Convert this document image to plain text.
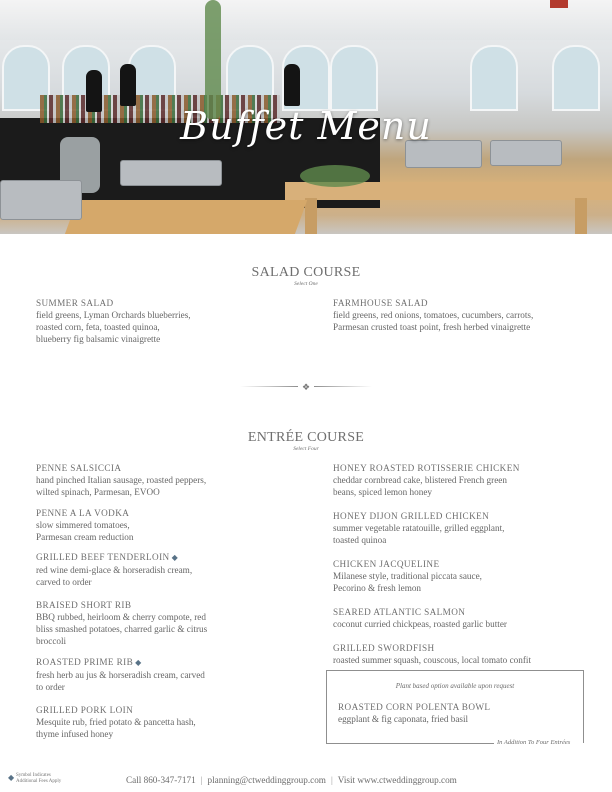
Buffet Menu
SALAD COURSE
Select One
SUMMER SALAD
field greens, Lyman Orchards blueberries,
roasted corn, feta, toasted quinoa,
blueberry fig balsamic vinaigrette
FARMHOUSE SALAD
field greens, red onions, tomatoes, cucumbers, carrots,
Parmesan crusted toast point, fresh herbed vinaigrette
❖
ENTRÉE COURSE
Select Four
PENNE SALSICCIA
hand pinched Italian sausage, roasted peppers,
wilted spinach, Parmesan, EVOO
PENNE A LA VODKA
slow simmered tomatoes,
Parmesan cream reduction
GRILLED BEEF TENDERLOIN ◆
red wine demi-glace & horseradish cream,
carved to order
BRAISED SHORT RIB
BBQ rubbed, heirloom & cherry compote, red
bliss smashed potatoes, charred garlic & citrus
broccoli
ROASTED PRIME RIB ◆
fresh herb au jus & horseradish cream, carved
to order
GRILLED PORK LOIN
Mesquite rub, fried potato & pancetta hash,
thyme infused honey
HONEY ROASTED ROTISSERIE CHICKEN
cheddar cornbread cake, blistered French green
beans, spiced lemon honey
HONEY DIJON GRILLED CHICKEN
summer vegetable ratatouille, grilled eggplant,
toasted quinoa
CHICKEN JACQUELINE
Milanese style, traditional piccata sauce,
Pecorino & fresh lemon
SEARED ATLANTIC SALMON
coconut curried chickpeas, roasted garlic butter
GRILLED SWORDFISH
roasted summer squash, couscous, local tomato confit
Plant based option available upon request
ROASTED CORN POLENTA BOWL
eggplant & fig caponata, fried basil
In Addition To Four Entrées
◆ Symbol Indicates
Additional Fees Apply	Call 860-347-7171 | planning@ctweddinggroup.com | Visit www.ctweddinggroup.com
